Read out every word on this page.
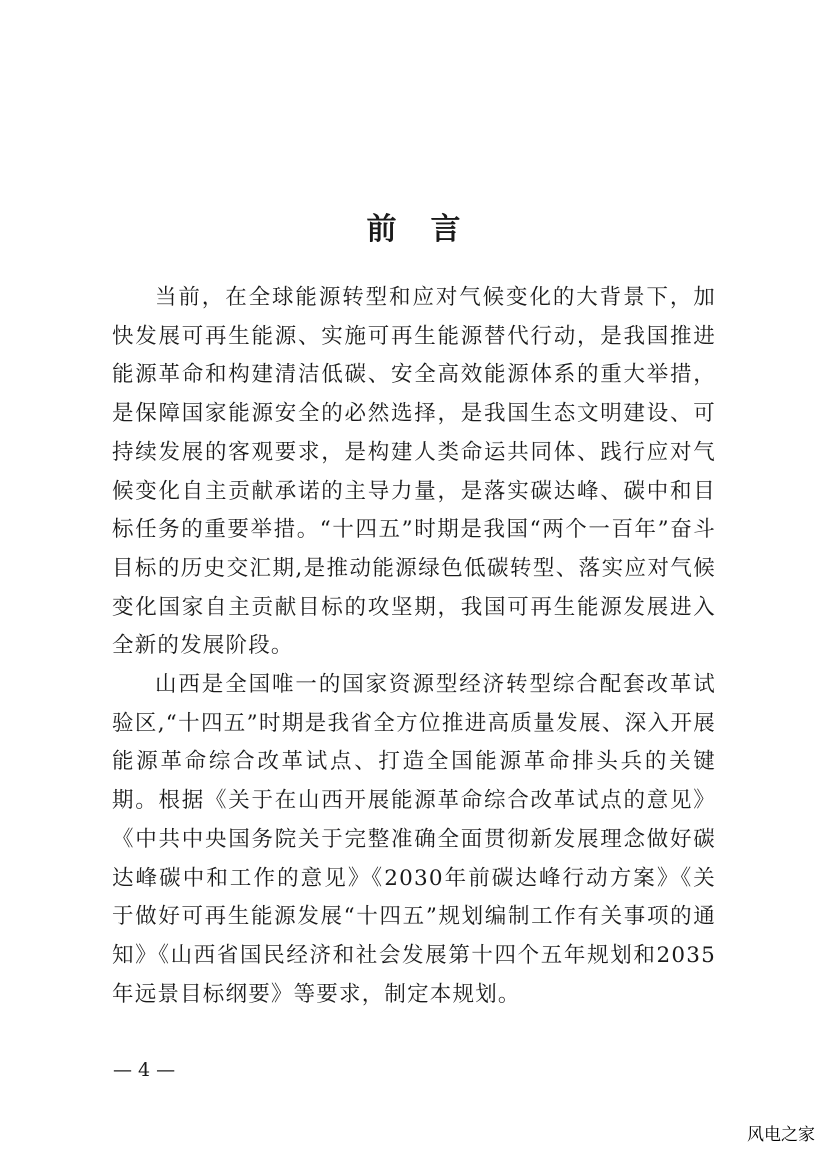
前言

当前，在全球能源转型和应对气候变化的大背景下，加快发展可再生能源、实施可再生能源替代行动，是我国推进能源革命和构建清洁低碳、安全高效能源体系的重大举措，是保障国家能源安全的必然选择，是我国生态文明建设、可持续发展的客观要求，是构建人类命运共同体、践行应对气候变化自主贡献承诺的主导力量，是落实碳达峰、碳中和目标任务的重要举措。“十四五”时期是我国“两个一百年”奋斗目标的历史交汇期,是推动能源绿色低碳转型、落实应对气候变化国家自主贡献目标的攻坚期，我国可再生能源发展进入全新的发展阶段。

山西是全国唯一的国家资源型经济转型综合配套改革试验区,“十四五”时期是我省全方位推进高质量发展、深入开展能源革命综合改革试点、打造全国能源革命排头兵的关键期。根据《关于在山西开展能源革命综合改革试点的意见》《中共中央国务院关于完整准确全面贯彻新发展理念做好碳达峰碳中和工作的意见》《2030年前碳达峰行动方案》《关于做好可再生能源发展“十四五”规划编制工作有关事项的通知》《山西省国民经济和社会发展第十四个五年规划和2035年远景目标纲要》等要求，制定本规划。

— 4 —
风电之家
